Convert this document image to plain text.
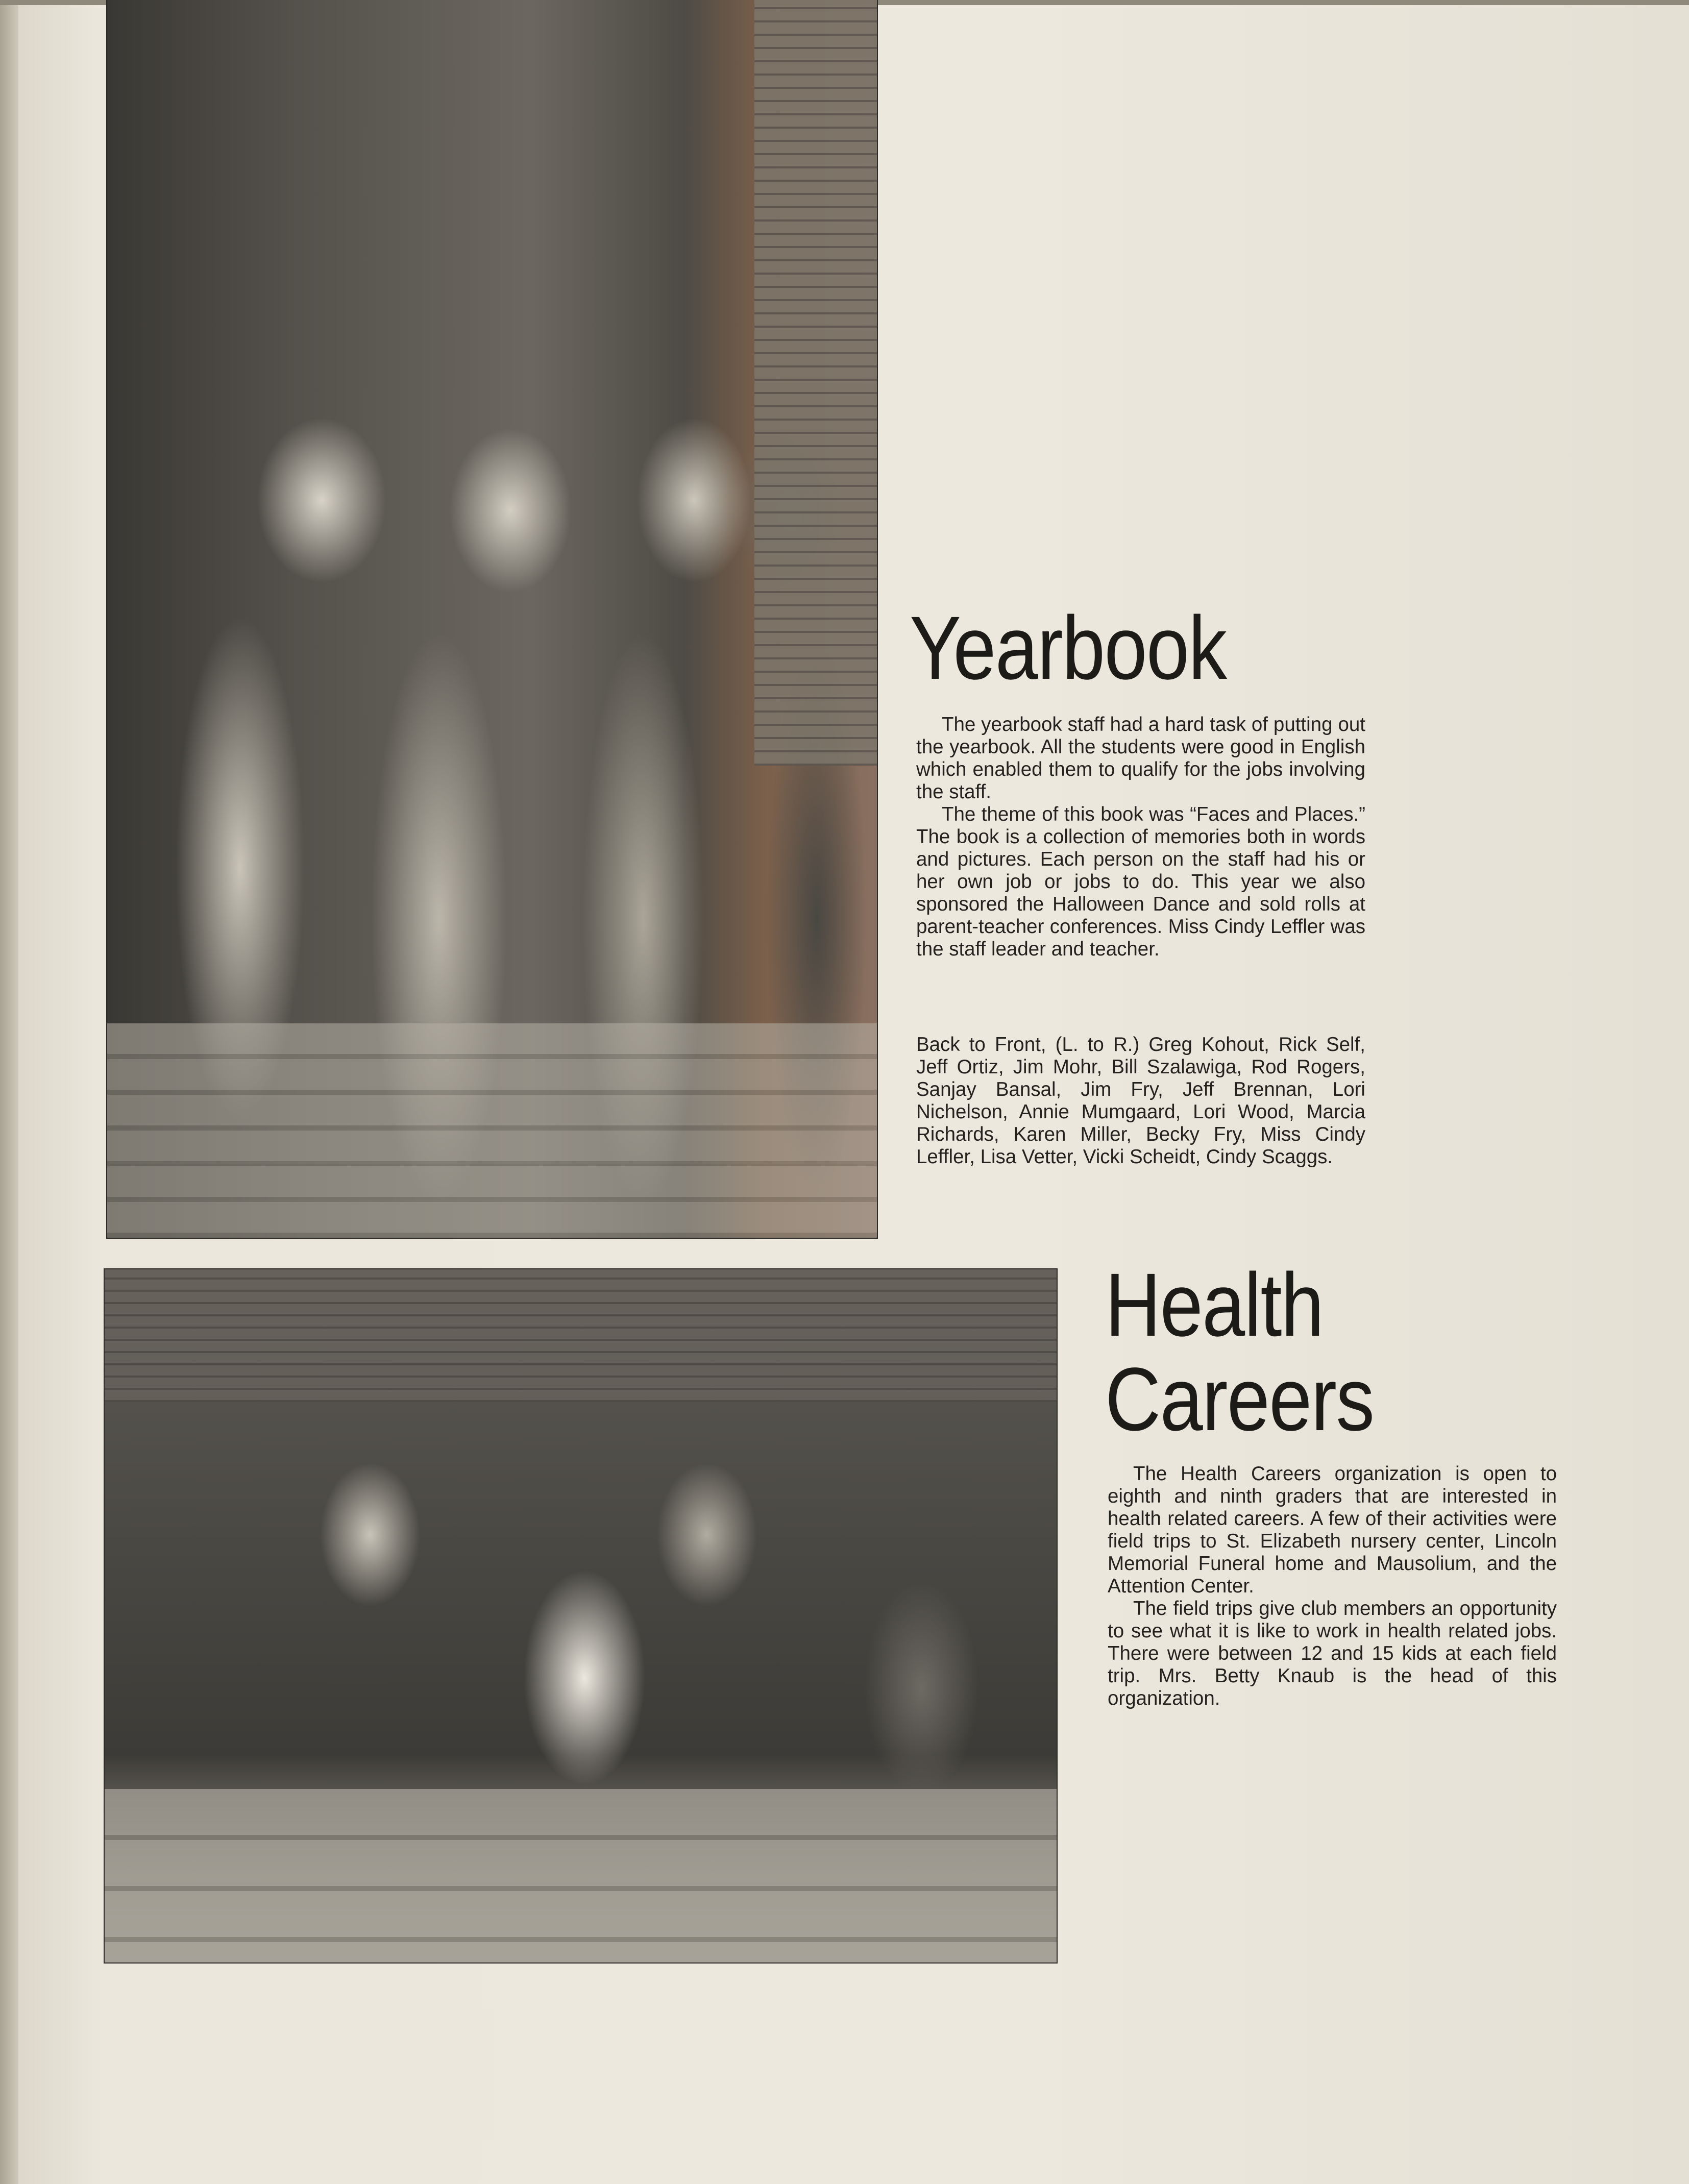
Yearbook

The yearbook staff had a hard task of putting out the yearbook. All the students were good in English which enabled them to qualify for the jobs involving the staff.

The theme of this book was “Faces and Places.” The book is a collection of memories both in words and pictures. Each person on the staff had his or her own job or jobs to do. This year we also sponsored the Halloween Dance and sold rolls at parent-teacher conferences. Miss Cindy Leffler was the staff leader and teacher.

Back to Front, (L. to R.) Greg Kohout, Rick Self, Jeff Ortiz, Jim Mohr, Bill Szalawiga, Rod Rogers, Sanjay Bansal, Jim Fry, Jeff Brennan, Lori Nichelson, Annie Mumgaard, Lori Wood, Marcia Richards, Karen Miller, Becky Fry, Miss Cindy Leffler, Lisa Vetter, Vicki Scheidt, Cindy Scaggs.

Health
Careers

The Health Careers organization is open to eighth and ninth graders that are interested in health related careers. A few of their activities were field trips to St. Elizabeth nursery center, Lincoln Memorial Funeral home and Mausolium, and the Attention Center.

The field trips give club members an opportunity to see what it is like to work in health related jobs. There were between 12 and 15 kids at each field trip. Mrs. Betty Knaub is the head of this organization.
